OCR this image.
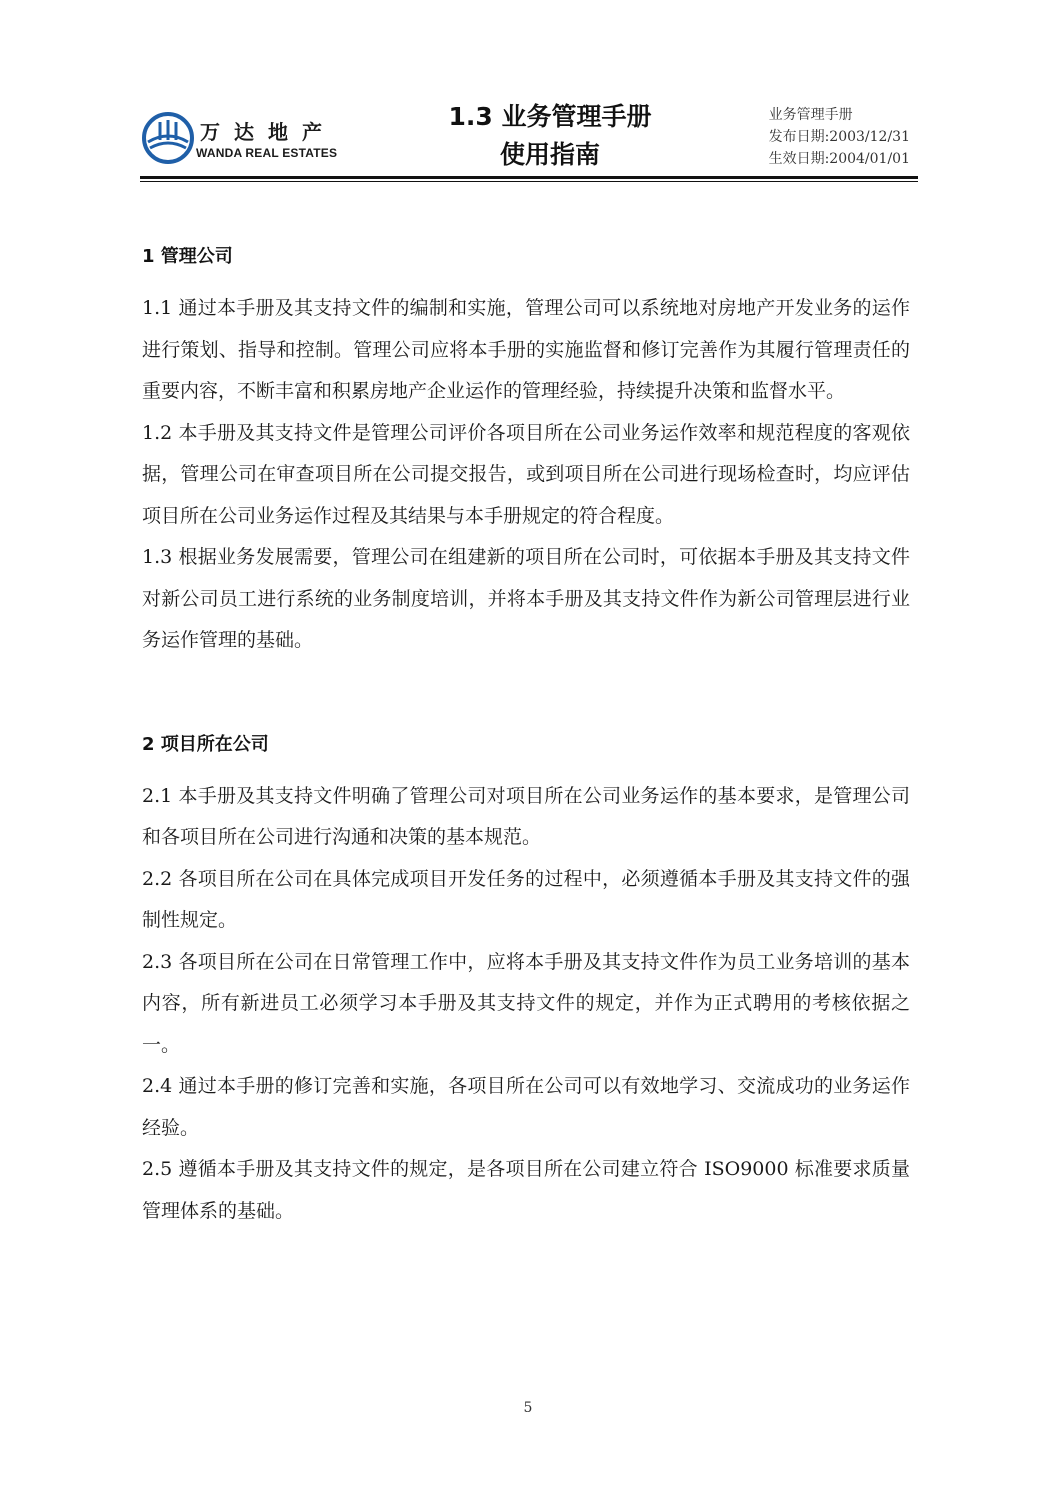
万达地产
WANDA REAL ESTATES
1.3 业务管理手册
使用指南
业务管理手册
发布日期:2003/12/31
生效日期:2004/01/01
1 管理公司

1.1 通过本手册及其支持文件的编制和实施，管理公司可以系统地对房地产开发业务的运作进行策划、指导和控制。管理公司应将本手册的实施监督和修订完善作为其履行管理责任的重要内容，不断丰富和积累房地产企业运作的管理经验，持续提升决策和监督水平。

1.2 本手册及其支持文件是管理公司评价各项目所在公司业务运作效率和规范程度的客观依据，管理公司在审查项目所在公司提交报告，或到项目所在公司进行现场检查时，均应评估项目所在公司业务运作过程及其结果与本手册规定的符合程度。

1.3 根据业务发展需要，管理公司在组建新的项目所在公司时，可依据本手册及其支持文件对新公司员工进行系统的业务制度培训，并将本手册及其支持文件作为新公司管理层进行业务运作管理的基础。

2 项目所在公司

2.1 本手册及其支持文件明确了管理公司对项目所在公司业务运作的基本要求，是管理公司和各项目所在公司进行沟通和决策的基本规范。

2.2 各项目所在公司在具体完成项目开发任务的过程中，必须遵循本手册及其支持文件的强制性规定。

2.3 各项目所在公司在日常管理工作中，应将本手册及其支持文件作为员工业务培训的基本内容，所有新进员工必须学习本手册及其支持文件的规定，并作为正式聘用的考核依据之一。

2.4 通过本手册的修订完善和实施，各项目所在公司可以有效地学习、交流成功的业务运作经验。

2.5 遵循本手册及其支持文件的规定，是各项目所在公司建立符合 ISO9000 标准要求质量管理体系的基础。

5
